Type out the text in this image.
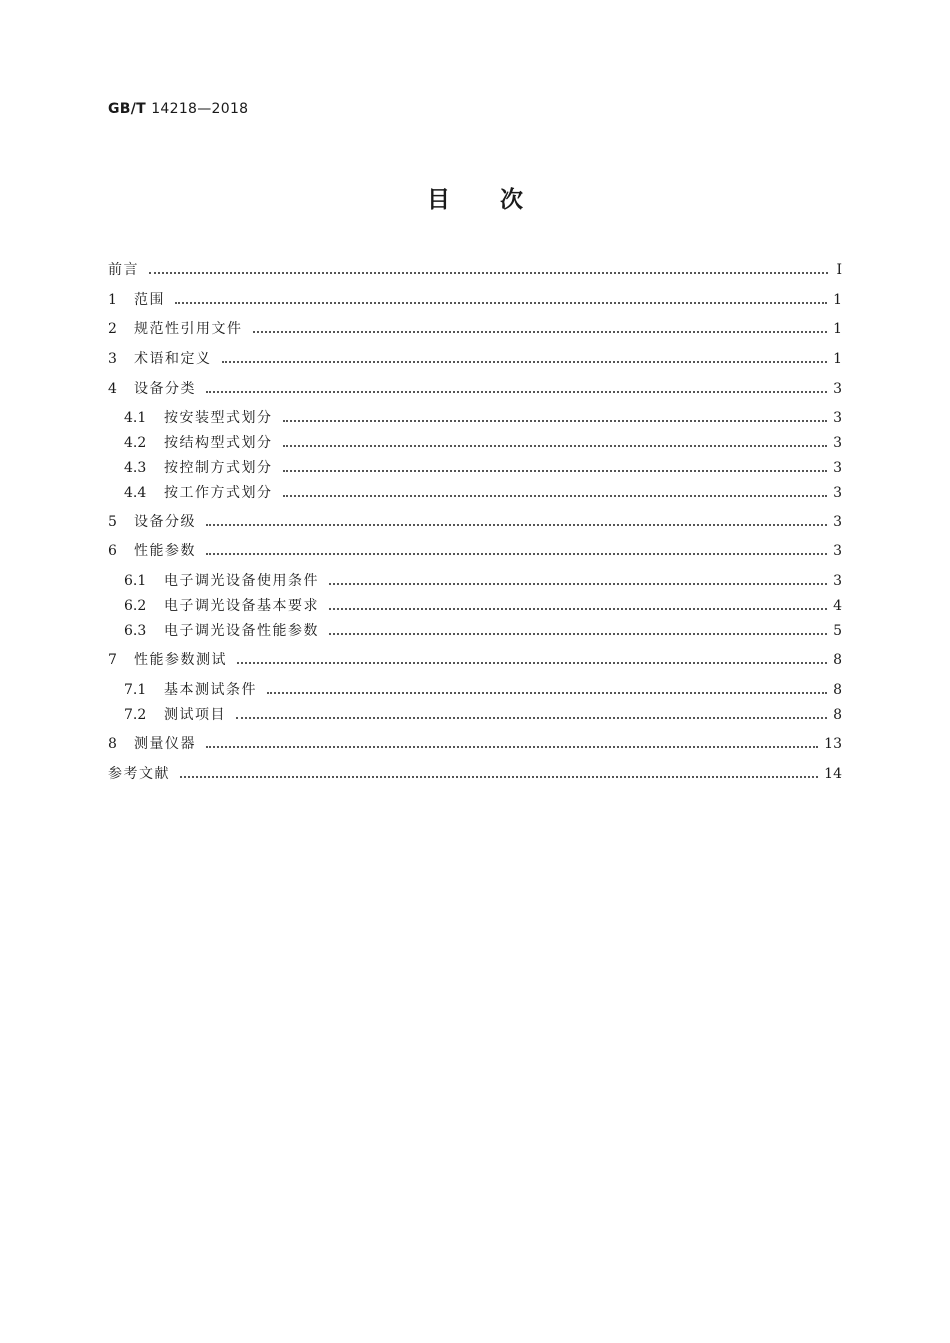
GB/T 14218—2018
目次
前言	Ⅰ
1	范围	1
2	规范性引用文件	1
3	术语和定义	1
4	设备分类	3
4.1	按安装型式划分	3
4.2	按结构型式划分	3
4.3	按控制方式划分	3
4.4	按工作方式划分	3
5	设备分级	3
6	性能参数	3
6.1	电子调光设备使用条件	3
6.2	电子调光设备基本要求	4
6.3	电子调光设备性能参数	5
7	性能参数测试	8
7.1	基本测试条件	8
7.2	测试项目	8
8	测量仪器	13
参考文献	14
